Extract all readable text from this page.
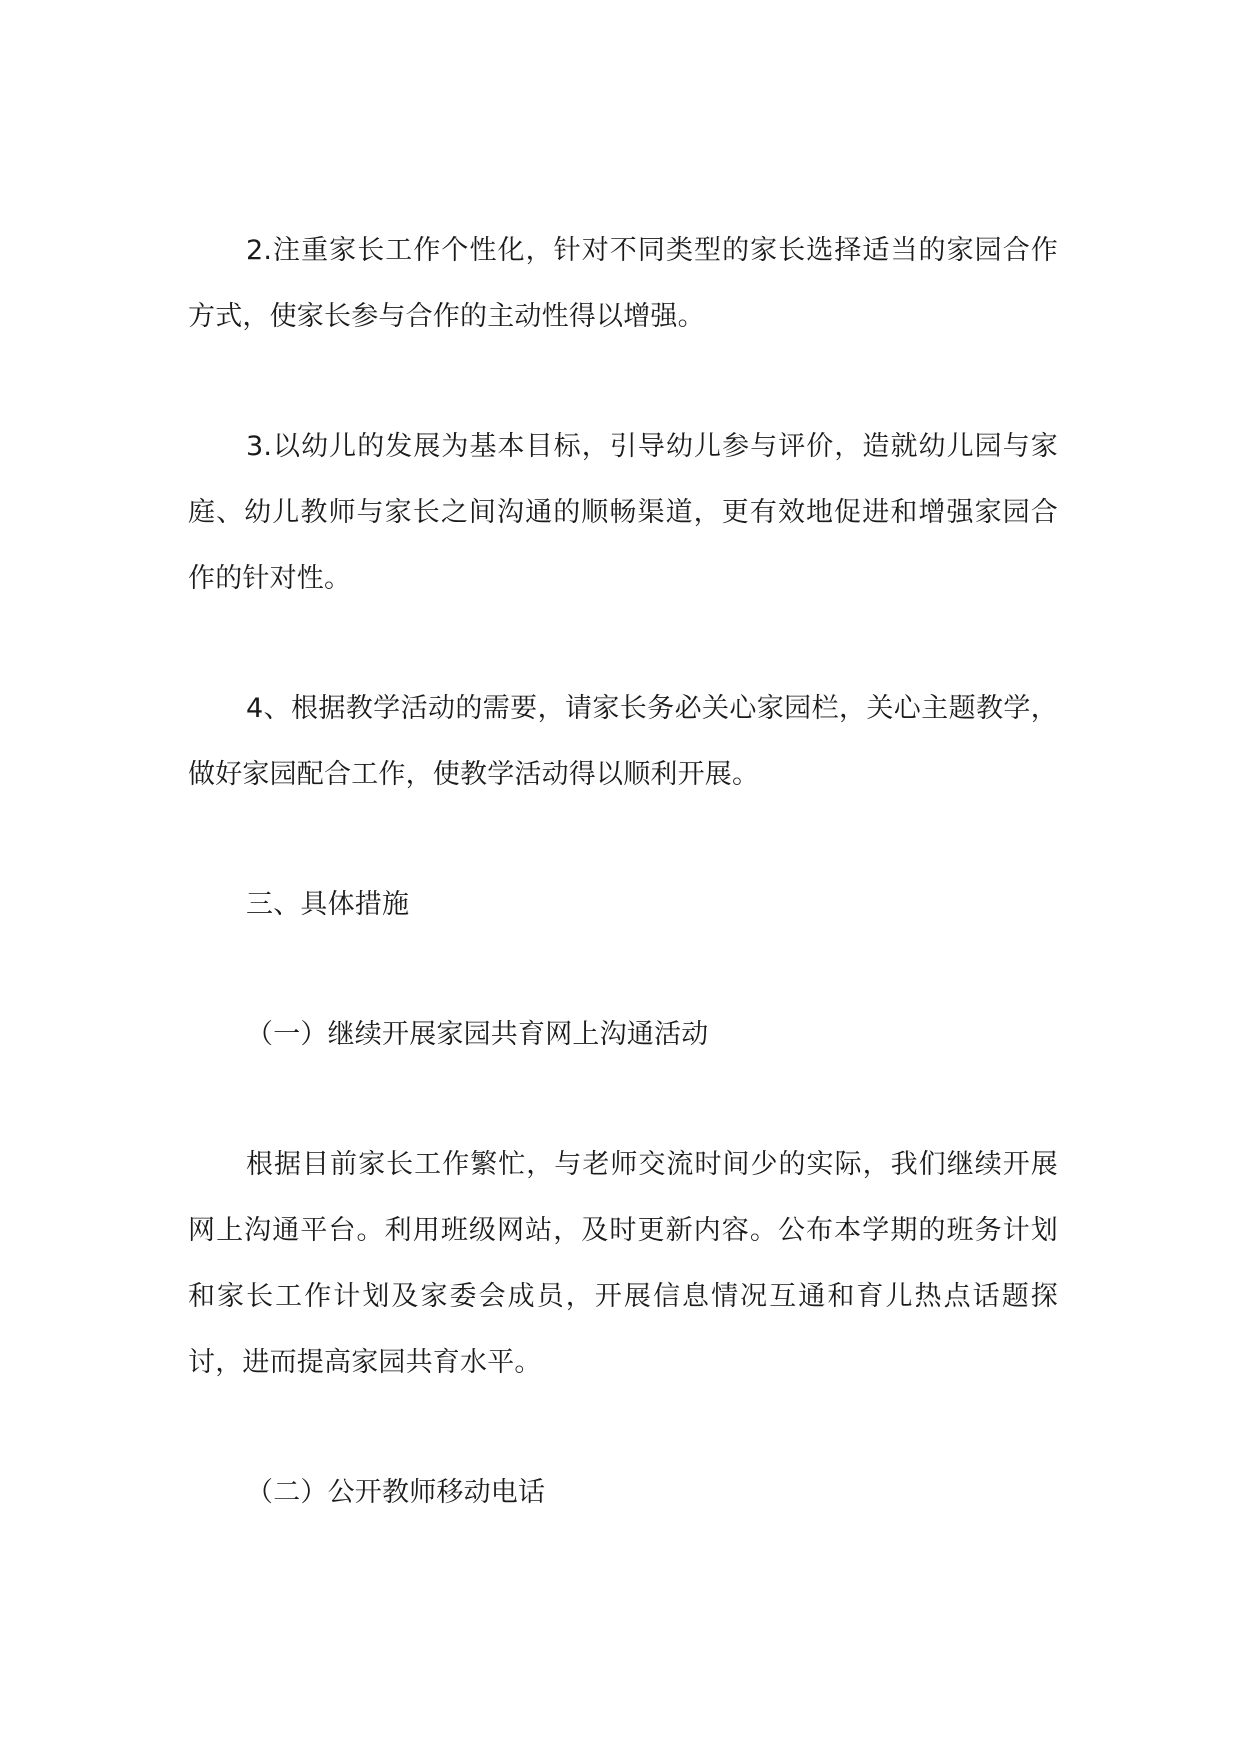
2.注重家长工作个性化，针对不同类型的家长选择适当的家园合作方式，使家长参与合作的主动性得以增强。

3.以幼儿的发展为基本目标，引导幼儿参与评价，造就幼儿园与家庭、幼儿教师与家长之间沟通的顺畅渠道，更有效地促进和增强家园合作的针对性。

4、根据教学活动的需要，请家长务必关心家园栏，关心主题教学，做好家园配合工作，使教学活动得以顺利开展。

三、具体措施

（一）继续开展家园共育网上沟通活动

根据目前家长工作繁忙，与老师交流时间少的实际，我们继续开展网上沟通平台。利用班级网站，及时更新内容。公布本学期的班务计划和家长工作计划及家委会成员，开展信息情况互通和育儿热点话题探讨，进而提高家园共育水平。

（二）公开教师移动电话
